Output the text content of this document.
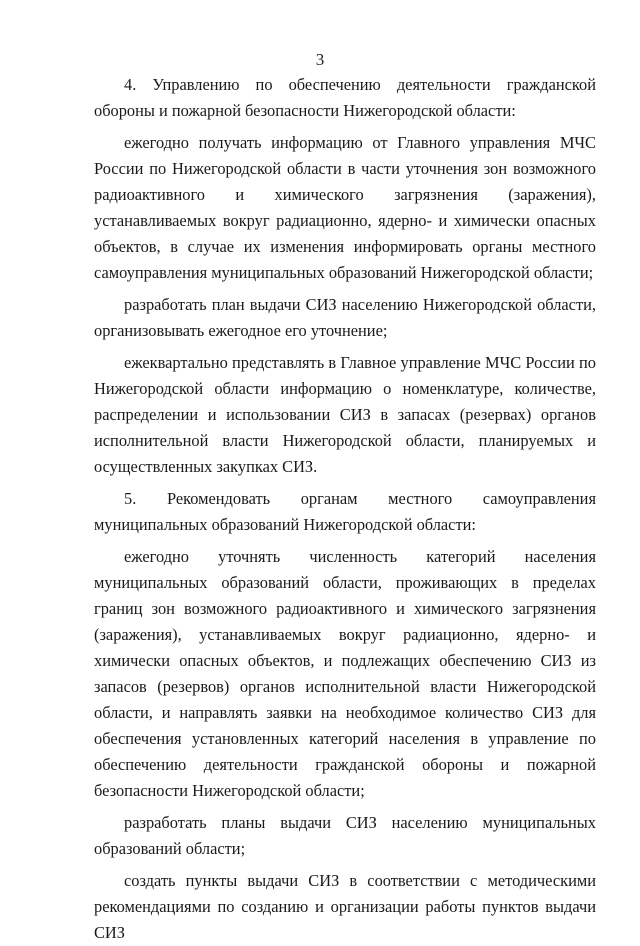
3

4. Управлению по обеспечению деятельности гражданской обороны и пожарной безопасности Нижегородской области:

ежегодно получать информацию от Главного управления МЧС России по Нижегородской области в части уточнения зон возможного радиоактивного и химического загрязнения (заражения), устанавливаемых вокруг радиационно, ядерно- и химически опасных объектов, в случае их изменения информировать органы местного самоуправления муниципальных образований Нижегородской области;

разработать план выдачи СИЗ населению Нижегородской области, организовывать ежегодное его уточнение;

ежеквартально представлять в Главное управление МЧС России по Нижегородской области информацию о номенклатуре, количестве, распределении и использовании СИЗ в запасах (резервах) органов исполнительной власти Нижегородской области, планируемых и осуществленных закупках СИЗ.

5. Рекомендовать органам местного самоуправления муниципальных образований Нижегородской области:

ежегодно уточнять численность категорий населения муниципальных образований области, проживающих в пределах границ зон возможного радиоактивного и химического загрязнения (заражения), устанавливаемых вокруг радиационно, ядерно- и химически опасных объектов, и подлежащих обеспечению СИЗ из запасов (резервов) органов исполнительной власти Нижегородской области, и направлять заявки на необходимое количество СИЗ для обеспечения установленных категорий населения в управление по обеспечению деятельности гражданской обороны и пожарной безопасности Нижегородской области;

разработать планы выдачи СИЗ населению муниципальных образований области;

создать пункты выдачи СИЗ в соответствии с методическими рекомендациями по созданию и организации работы пунктов выдачи СИЗ
